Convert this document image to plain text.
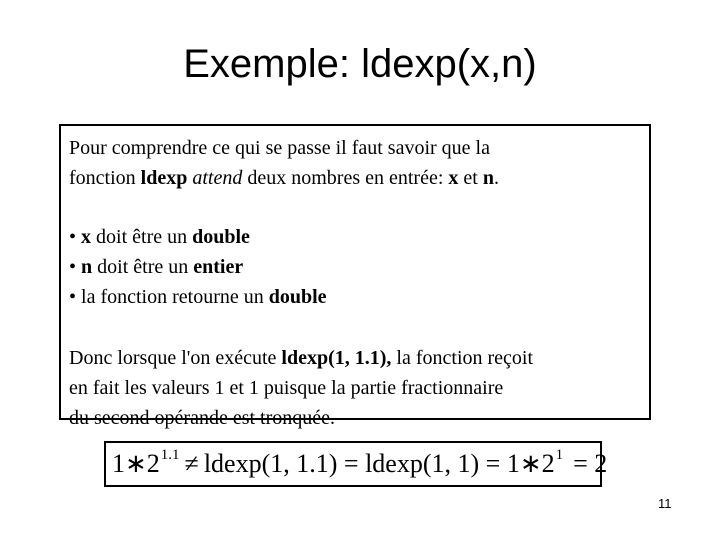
Exemple: ldexp(x,n)
Pour comprendre ce qui se passe il faut savoir que la
fonction ldexp attend deux nombres en entrée: x et n.
• x doit être un double
• n doit être un entier
• la fonction retourne un double
Donc lorsque l'on exécute ldexp(1, 1.1), la fonction reçoit
en fait les valeurs 1 et 1 puisque la partie fractionnaire
du second opérande est tronquée.
$1∗2^{1.1} \ne ldexp(1$, 1.1) = ldexp(1, $1) = 1∗2^1 = 2$
11
